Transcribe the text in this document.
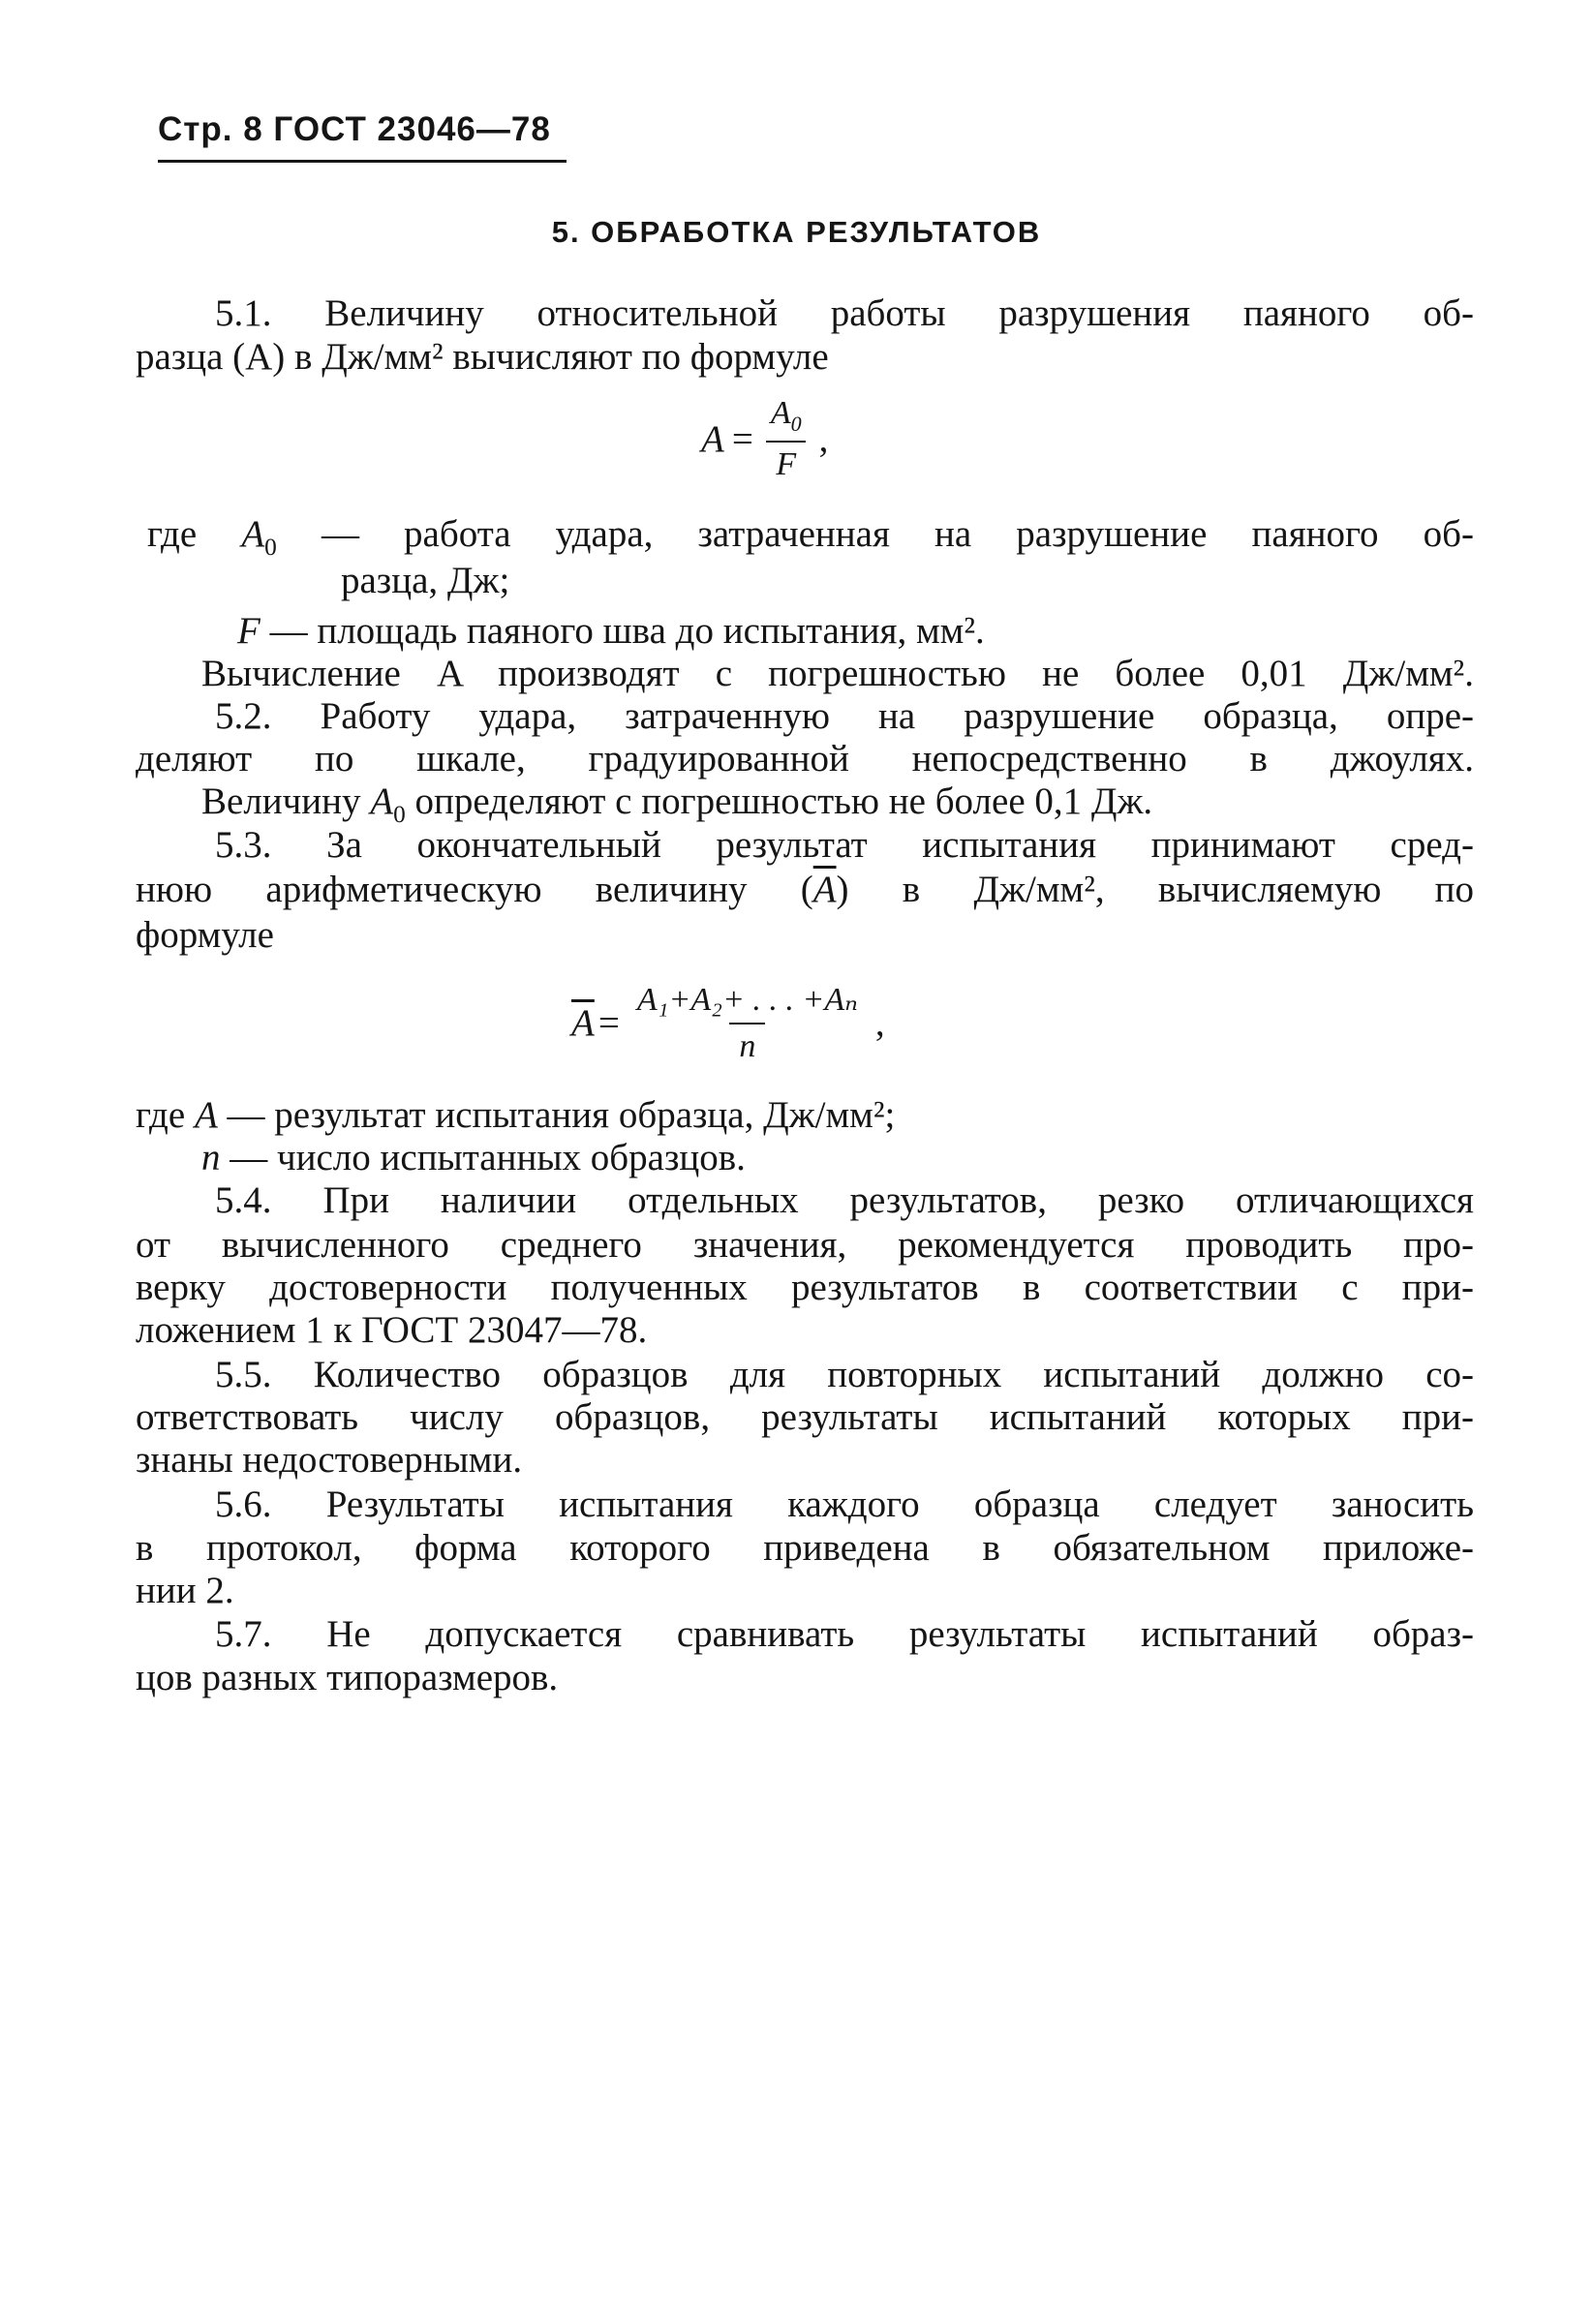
Стр. 8 ГОСТ 23046—78
5. ОБРАБОТКА РЕЗУЛЬТАТОВ
5.1. Величину относительной работы разрушения паяного об-
разца (A) в Дж/мм² вычисляют по формуле
$A = \frac{A_0}{F}$ ,
где $A_0$ — работа удара, затраченная на разрушение паяного об-
разца, Дж;
F — площадь паяного шва до испытания, мм².
Вычисление A производят с погрешностью не более 0,01 Дж/мм².
5.2. Работу удара, затраченную на разрушение образца, опре-
деляют по шкале, градуированной непосредственно в джоулях.
Величину $A_0$ определяют с погрешностью не более 0,1 Дж.
5.3. За окончательный результат испытания принимают сред-
нюю арифметическую величину $(\overline{A})$ в Дж/мм², вычисляемую по
формуле
$\overline{A} = \frac{\text{A₁+A₂+ . . . +Aₙ}}{n}$ ,
где A — результат испытания образца, Дж/мм²;
n — число испытанных образцов.
5.4. При наличии отдельных результатов, резко отличающихся
от вычисленного среднего значения, рекомендуется проводить про-
верку достоверности полученных результатов в соответствии с при-
ложением 1 к ГОСТ 23047—78.
5.5. Количество образцов для повторных испытаний должно со-
ответствовать числу образцов, результаты испытаний которых при-
знаны недостоверными.
5.6. Результаты испытания каждого образца следует заносить
в протокол, форма которого приведена в обязательном приложе-
нии 2.
5.7. Не допускается сравнивать результаты испытаний образ-
цов разных типоразмеров.
